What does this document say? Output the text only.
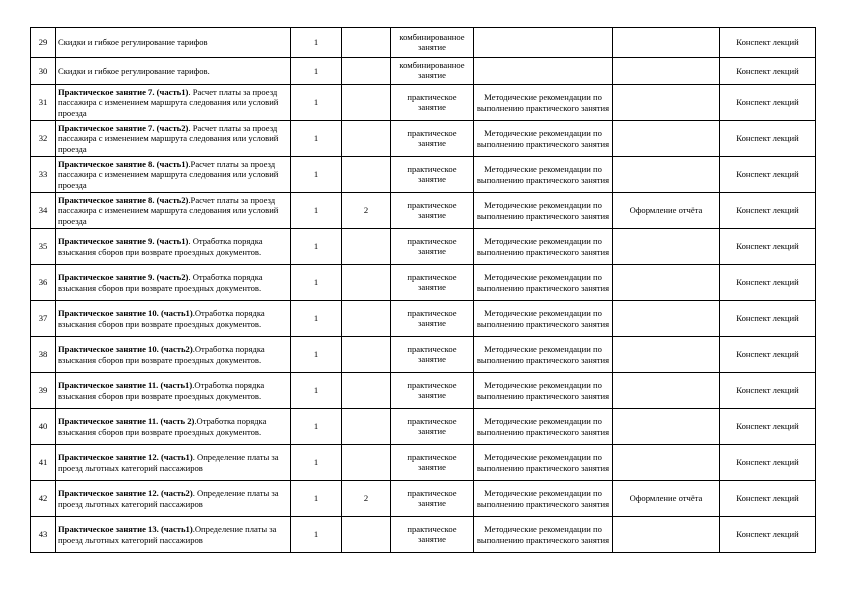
29	Скидки и гибкое регулирование тарифов	1		комбинированное занятие			Конспект лекций
30	Скидки и гибкое регулирование тарифов.	1		комбинированное занятие			Конспект лекций
31	Практическое занятие 7. (часть1). Расчет платы за проезд пассажира с изменением маршрута следования или условий проезда	1		практическое занятие	Методические рекомендации по выполнению практического занятия		Конспект лекций
32	Практическое занятие 7. (часть2). Расчет платы за проезд пассажира с изменением маршрута следования или условий проезда	1		практическое занятие	Методические рекомендации по выполнению практического занятия		Конспект лекций
33	Практическое занятие 8. (часть1).Расчет платы за проезд пассажира с изменением маршрута следования или условий проезда	1		практическое занятие	Методические рекомендации по выполнению практического занятия		Конспект лекций
34	Практическое занятие 8. (часть2).Расчет платы за проезд пассажира с изменением маршрута следования или условий проезда	1	2	практическое занятие	Методические рекомендации по выполнению практического занятия	Оформление отчёта	Конспект лекций
35	Практическое занятие 9. (часть1). Отработка порядка взыскания сборов при возврате проездных документов.	1		практическое занятие	Методические рекомендации по выполнению практического занятия		Конспект лекций
36	Практическое занятие 9. (часть2). Отработка порядка взыскания сборов при возврате проездных документов.	1		практическое занятие	Методические рекомендации по выполнению практического занятия		Конспект лекций
37	Практическое занятие 10. (часть1).Отработка порядка взыскания сборов при возврате проездных документов.	1		практическое занятие	Методические рекомендации по выполнению практического занятия		Конспект лекций
38	Практическое занятие 10. (часть2).Отработка порядка взыскания сборов при возврате проездных документов.	1		практическое занятие	Методические рекомендации по выполнению практического занятия		Конспект лекций
39	Практическое занятие 11. (часть1).Отработка порядка взыскания сборов при возврате проездных документов.	1		практическое занятие	Методические рекомендации по выполнению практического занятия		Конспект лекций
40	Практическое занятие 11. (часть 2).Отработка порядка взыскания сборов при возврате проездных документов.	1		практическое занятие	Методические рекомендации по выполнению практического занятия		Конспект лекций
41	Практическое занятие 12. (часть1). Определение платы за проезд льготных категорий пассажиров	1		практическое занятие	Методические рекомендации по выполнению практического занятия		Конспект лекций
42	Практическое занятие 12. (часть2). Определение платы за проезд льготных категорий пассажиров	1	2	практическое занятие	Методические рекомендации по выполнению практического занятия	Оформление отчёта	Конспект лекций
43	Практическое занятие 13. (часть1).Определение платы за проезд льготных категорий пассажиров	1		практическое занятие	Методические рекомендации по выполнению практического занятия		Конспект лекций
